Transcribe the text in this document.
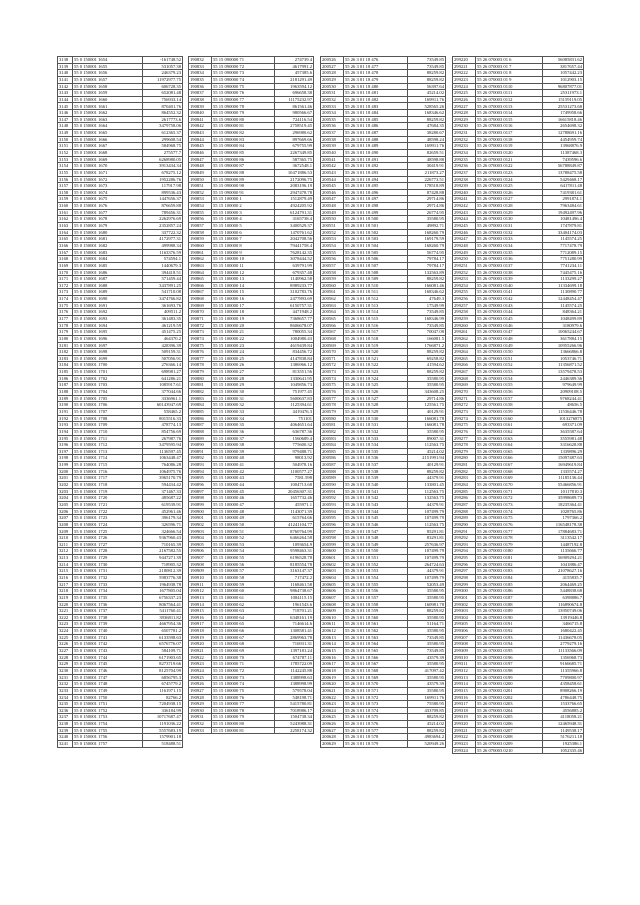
3138	55 0 150001 1654	-161748.52
3139	55 0 150001 1655	531057.38
3140	55 0 150001 1656	246379.23
3141	55 0 150001 1657	11972977.75
3142	55 0 150001 1658	606728.35
3143	55 0 150001 1659	652081.48
3144	55 0 150001 1660	756933.14
3145	55 0 150001 1661	870401.76
3146	55 0 150001 1662	864552.32
3147	55 0 150001 1663	2617773.6
3148	55 0 150001 1664	3479758.06
3149	55 0 150001 1665	612365.37
3150	55 0 150001 1666	299608.54
3151	55 0 150001 1667	584968.75
3152	55 0 150001 1668	275577.7
3153	55 0 150001 1669	6268980.05
3154	55 0 150001 1670	3913434.34
3155	55 0 150001 1671	678275.12
3156	55 0 150001 1672	1952286.76
3157	55 0 150001 1673	117917.98
3158	55 0 150001 1674	899536.43
3159	55 0 150001 1675	1447656.37
3160	55 0 150001 1676	876659.88
3161	55 0 150001 1677	789456.31
3162	55 0 150001 1678	2262976.69
3163	55 0 150001 1679	2352857.24
3164	55 0 150001 1680	337722.32
3165	55 0 150001 1681	4172977.31
3166	55 0 150001 1682	499988.34
3167	55 0 150001 1683	1163376.59
3168	55 0 150001 1684	574594.1
3169	55 0 150001 1685	1440679.3
3170	55 0 150001 1686	394418.51
3171	55 0 150001 1687	571459.44
3172	55 0 150001 1688	3437891.25
3173	55 0 150001 1689	541710.08
3174	55 0 150001 1690	3474766.82
3175	55 0 150001 1691	361693.76
3176	55 0 150001 1692	409511.2
3177	55 0 150001 1693	361483.35
3178	55 0 150001 1694	461219.59
3179	55 0 150001 1695	451475.25
3180	55 0 150001 1696	464370.2
3181	55 0 150001 1697	428396.39
3182	55 0 150001 1698	509159.31
3183	55 0 150001 1699	507056.91
3184	55 0 150001 1700	276366.14
3185	55 0 150001 1701	698981.27
3186	55 0 150001 1702	641286.21
3187	55 0 150001 1703	1085917.61
3188	55 0 150001 1704	377044.66
3189	55 0 150001 1705	3336961.1
3190	55 0 150001 1706	60143947.69
3191	55 0 150001 1707	558465.2
3192	55 0 150001 1708	8015516.33
3193	55 0 150001 1709	478774.13
3194	55 0 150001 1710	854756.69
3195	55 0 150001 1711	267987.76
3196	55 0 150001 1712	3479595.94
3197	55 0 150001 1713	1136597.45
3198	55 0 150001 1714	1063448.47
3199	55 0 150001 1715	764086.28
3200	55 0 150001 1716	1064975.76
3201	55 0 150001 1717	3965170.79
3202	55 0 150001 1718	594434.42
3203	55 0 150001 1719	371467.33
3204	55 0 150001 1720	485687.22
3205	55 0 150001 1721	619539.91
3206	55 0 150001 1722	452961.46
3207	55 0 150001 1723	396179.34
3208	55 0 150001 1724	326596.71
3209	55 0 150001 1725	324666.54
3210	55 0 150001 1726	9367960.43
3211	55 0 150001 1727	710165.39
3212	55 0 150001 1728	2167582.55
3213	55 0 150001 1729	9447271.39
3214	55 0 150001 1730	718905.32
3215	55 0 150001 1731	2180812.39
3216	55 0 150001 1732	5983776.38
3217	55 0 150001 1733	1964938.78
3218	55 0 150001 1734	1677805.04
3219	55 0 150001 1735	6756337.23
3220	55 0 150001 1736	8067564.41
3221	55 0 150001 1737	5411760.41
3222	55 0 150001 1738	3936811.82
3223	55 0 150001 1739	4667954.36
3224	55 0 150001 1740	6507781.2
3225	55 0 150001 1741	6133598.63
3226	55 0 150001 1742	6576776.07
3227	55 0 150001 1743	584109.71
3228	55 0 150001 1744	6171903.65
3229	55 0 150001 1745	8273719.66
3230	55 0 150001 1746	8125704.99
3231	55 0 150001 1747	6856795.3
3232	55 0 150001 1748	6745779.2
3233	55 0 150001 1749	1161971.15
3234	55 0 150001 1750	82766.2
3235	55 0 150001 1751	7204938.15
3236	55 0 150001 1752	336184.99
3237	55 0 150001 1753	10717687.47
3238	55 0 150001 1754	1191036.22
3239	55 0 150001 1755	5557683.19
3240	55 0 150001 1756	1579901.18
3241	55 0 150001 1757	518488.51
190832	55 15 090000 71	274739.4
190833	55 15 090000 72	4617991.2
190834	55 15 090000 73	457385.6
190835	55 15 090000 74	2181291.49
190836	55 15 090000 75	1963594.12
190837	55 15 090000 76	696658.38
190838	55 15 090000 77	11175232.97
190839	55 15 090000 78	861561.46
190840	55 15 090000 79	980566.67
190841	55 15 090000 80	724116.54
190842	55 15 090000 81	2758519.45
190843	55 15 090000 82	296980.62
190844	55 15 090000 83	897669.66
190845	55 15 090000 84	679755.99
190846	55 15 090000 85	2267349.85
190847	55 15 090000 86	587365.75
190848	55 15 090000 87	3672548.1
190849	55 15 090000 88	10471886.53
190850	55 15 090000 89	2172096.75
190851	55 15 090000 90	2083196.19
190852	55 15 090000 91	2947478.78
190853	55 15 100000 1	1512879.49
190854	55 15 100000 2	4924205.92
190855	55 15 100000 3	6124791.31
190856	55 15 100000 4	3165738.4
190857	55 15 100000 5	3400529.37
190858	55 15 100000 6	1470761.62
190859	55 15 100000 7	2042708.56
190860	55 15 100000 8	79441758.4
190861	55 15 100000 9	7628142.35
190862	55 15 100000 10	3078444.52
190863	55 15 100000 11	639791.99
190864	55 15 100000 12	679357.48
190865	55 15 100000 13	1140962.58
190866	55 15 100000 14	8989233.77
190867	55 15 100000 15	3102783.76
190868	55 15 100000 16	2477893.69
190869	55 15 100000 17	6150757.31
190870	55 15 100000 18	4471948.2
190871	55 15 100000 19	7368657.77
190872	55 15 100000 20	8606678.07
190873	55 15 100000 21	780055.34
190874	55 15 100000 22	1004980.43
190875	55 15 100000 23	4619439.84
190876	55 15 100000 24	834456.72
190877	55 15 100000 25	4147838.84
190878	55 15 100000 26	1386966.12
190879	55 15 100000 27	813551.56
190880	55 15 100000 28	1330641.95
190881	55 15 100000 29	1049856.73
190882	55 15 100000 30	751977.45
190883	55 15 100000 31	5600637.83
190884	55 15 100000 32	1125394.61
190885	55 15 100000 33	4419476.3
190886	55 15 100000 34	751101
190887	55 15 100000 35	4064651.64
190888	55 15 100000 36	636787.36
190889	55 15 100000 37	1560689.4
190890	55 15 100000 38	775600.32
190891	55 15 100000 39	979488.71
190892	55 15 100000 40	98013.92
190893	55 15 100000 41	504978.16
190894	55 15 100000 42	1100577.27
190895	55 15 100000 43	7581.598
190896	55 15 100000 44	1004713.68
190897	55 15 100000 45	20456307.31
190898	55 15 100000 46	1657732.46
190899	55 15 100000 47	455971.1
190900	55 15 100000 48	1143071.39
190901	55 15 100000 49	615764.66
190902	55 15 100000 50	41241104.77
190903	55 15 100000 51	8760764.99
190904	55 15 100000 52	6466264.58
190905	55 15 100000 53	1093654.9
190906	55 15 100000 54	9598463.31
190907	55 15 100000 55	6196528.78
190908	55 15 100000 56	8185554.78
190909	55 15 100000 57	3163147.37
190910	55 15 100000 58	717472.2
190911	55 15 100000 59	1168461.58
190912	55 15 100000 60	9864738.67
190913	55 15 100000 61	1084115.15
190914	55 15 100000 62	1961543.6
190915	55 15 100000 63	718701.21
190916	55 15 100000 64	6348161.19
190917	55 15 100000 65	7146614.6
190918	55 15 100000 66	1308581.41
190919	55 15 100000 67	2869963.78
190920	55 15 100000 68	716931.31
190921	55 15 100000 69	1397181.24
190922	55 15 100000 70	674787.11
190923	55 15 100000 71	1785722.09
190924	55 15 100000 72	1142245.88
190925	55 15 100000 73	1388998.63
190926	55 15 100000 74	1388998.99
190927	55 15 100000 75	579578.04
190928	55 15 100000 76	548198.71
190929	55 15 100000 77	5415780.81
190930	55 15 100000 78	7018986.17
190931	55 15 100000 79	1504738.34
190932	55 15 100000 80	5243988.31
190933	55 15 100000 81	2258174.32
200526	55 26 3 01 18 476	73549.85
200527	55 26 3 01 18 477	73549.85
200528	55 26 3 01 18 478	88259.82
200529	55 26 3 01 18 479	88259.82
200530	55 26 3 01 18 480	56397.64
200531	55 26 3 01 18 481	45214.02
200532	55 26 3 01 18 482	169911.76
200533	55 26 3 01 18 483	528565.26
200534	55 26 3 01 18 484	168346.62
200535	55 26 3 01 18 485	88259.82
200536	55 26 3 01 18 486	47684.35
200537	55 26 3 01 18 487	38280.67
200538	55 26 3 01 18 488	48598.24
200539	55 26 3 01 18 489	169911.76
200540	55 26 3 01 18 490	82659.51
200541	55 26 3 01 18 491	48598.88
200542	55 26 3 01 18 492	30419.91
200543	55 26 3 01 18 493	211873.27
200544	55 26 3 01 18 494	226773.51
200545	55 26 3 01 18 495	178518.89
200546	55 26 3 01 18 496	87428.88
200547	55 26 3 01 18 497	29714.86
200548	55 26 3 01 18 498	29714.86
200549	55 26 3 01 18 499	26774.95
200550	55 26 3 01 18 500	35580.95
200551	55 26 3 01 18 501	49892.71
200552	55 26 3 01 18 502	168260.79
200553	55 26 3 01 18 503	169179.59
200554	55 26 3 01 18 504	168260.79
200555	55 26 3 01 18 505	56774.95
200556	55 26 3 01 18 506	79784.17
200557	55 26 3 01 18 507	79784.17
200558	55 26 3 01 18 508	132563.89
200559	55 26 3 01 18 509	88259.82
200560	55 26 3 01 18 510	166081.46
200561	55 26 3 01 18 511	168346.62
200562	55 26 3 01 18 512	47649.3
200563	55 26 3 01 18 513	17549.99
200564	55 26 3 01 18 514	73549.85
200565	55 26 3 01 18 515	168346.99
200566	55 26 3 01 18 516	73549.85
200567	55 26 3 01 18 517	70047.08
200568	55 26 3 01 18 518	166081.5
200569	55 26 3 01 18 519	1766871.2
200570	55 26 3 01 18 520	88259.82
200571	55 26 3 01 18 521	69258.82
200572	55 26 3 01 18 522	41594.62
200573	55 26 3 01 18 523	88259.82
200574	55 26 3 01 18 524	35580.95
200575	55 26 3 01 18 525	35580.95
200576	55 26 3 01 18 526	343608.25
200577	55 26 3 01 18 527	29714.86
200578	55 26 3 01 18 528	125561.75
200579	55 26 3 01 18 529	40129.91
200580	55 26 3 01 18 530	166081.78
200581	55 26 3 01 18 531	166081.78
200582	55 26 3 01 18 532	35580.95
200583	55 26 3 01 18 533	89007.31
200584	55 26 3 01 18 534	112563.75
200585	55 26 3 01 18 535	45214.02
200586	55 26 3 01 18 536	2151991.94
200587	55 26 3 01 18 537	40129.91
200588	55 26 3 01 18 538	88259.82
200589	55 26 3 01 18 539	44379.91
200590	55 26 3 01 18 540	133801.45
200591	55 26 3 01 18 541	112563.75
200592	55 26 3 01 18 542	132563.75
200593	55 26 3 01 18 543	44379.91
200594	55 26 3 01 18 544	107499.79
200595	55 26 3 01 18 545	107499.79
200596	55 26 3 01 18 546	112563.75
200597	55 26 3 01 18 547	85291.81
200598	55 26 3 01 18 548	83291.81
200599	55 26 3 01 18 549	257636.97
200600	55 26 3 01 18 550	107499.79
200601	55 26 3 01 18 551	107499.79
200602	55 26 3 01 18 552	264724.63
200603	55 26 3 01 18 553	44379.91
200604	55 26 3 01 18 554	107499.79
200605	55 26 3 01 18 555	52053.49
200606	55 26 3 01 18 556	35580.95
200607	55 26 3 01 18 557	35580.95
200608	55 26 3 01 18 558	160981.78
200609	55 26 3 01 18 559	88259.82
200610	55 26 3 01 18 560	35580.95
200611	55 26 3 01 18 561	51164.71
200612	55 26 3 01 18 562	35580.95
200613	55 26 3 01 18 563	73549.85
200614	55 26 3 01 18 564	35580.95
200615	55 26 3 01 18 565	73549.85
200616	55 26 3 01 18 566	43579.39
200617	55 26 3 01 18 567	35580.95
200618	55 26 3 01 18 568	417097.42
200619	55 26 3 01 18 569	35580.95
200620	55 26 3 01 18 570	43579.39
200621	55 26 3 01 18 571	35580.95
200622	55 26 3 01 18 572	169911.76
200623	55 26 3 01 18 573	75580.95
200624	55 26 3 01 18 574	433709.85
200625	55 26 3 01 18 575	88259.82
200626	55 26 3 01 18 576	45214.02
200627	55 26 3 01 18 577	88259.82
200628	55 26 3 01 18 578	4983694.2
200629	55 26 3 01 18 579	520949.26
299220	55 26 070003 01 6	56085831.62
299221	55 26 070003 01 7	3817657.44
299222	55 26 070003 01 8	1057442.23
299223	55 26 070003 01 9	1012903.15
299224	55 26 070003 0110	96807877.01
299225	55 26 070003 0111	25311973.1
299226	55 26 070003 0112	15159119.05
299227	55 26 070003 0113	25531273.68
299228	55 26 070003 0114	1749958.66
299229	55 26 070003 0115	16615818.46
299230	55 26 070003 0116	2654698.32
299231	55 26 070003 0117	12788691.16
299232	55 26 070003 0118	4454959.74
299233	55 26 070003 0119	13968876.9
299234	55 26 070003 0120	11387468.3
299235	55 26 070003 0121	7439596.6
299236	55 26 070003 0122	56788849.87
299237	55 26 070003 0123	13788475.58
299238	55 26 070003 0124	5429468.17
299239	55 26 070003 0125	6417811.48
299240	55 26 070003 0126	7419381.61
299241	55 26 070003 0127	2991874.1
299242	55 26 070003 0128	7963484.61
299243	55 26 070003 0129	19492497.96
299244	55 26 070003 0130	10481496.4
299245	55 26 070003 0131	1747879.81
299246	55 26 070003 0132	33404174.03
299247	55 26 070003 0133	1145574.25
299248	55 26 070003 0134	7717478.79
299249	55 26 070003 0135	7712089.15
299250	55 26 070003 0136	7751280.99
299251	55 26 070003 0137	7741234.11
299252	55 26 070003 0138	7445475.16
299253	55 26 070003 0139	1133299.27
299254	55 26 070003 0140	11334699.18
299255	55 26 070003 0141	1130890.77
299256	55 26 070003 0142	12448454.47
299257	55 26 070003 0143	1145574.25
299258	55 26 070003 0144	848364.21
299259	55 26 070003 0145	1048499.89
299260	55 26 070003 0146	3180979.6
299261	55 26 070003 0147	10065244.67
299262	55 26 070003 0148	3617884.15
299263	55 26 070003 0149	10955266.96
299264	55 26 070003 0150	13666866.8
299265	55 26 070003 0151	1053746.71
299266	55 26 070003 0152	11356871.52
299267	55 26 070003 0153	13579478.53
299268	55 26 070003 0154	2446389.36
299269	55 26 070003 0155	979649.99
299270	55 26 070003 0156	20909108.5
299271	55 26 070003 0157	9768244.41
299272	55 26 070003 0158	48656.5
299273	55 26 070003 0159	11536446.78
299274	55 26 070003 0160	1013276875
299275	55 26 070003 0161	693371.09
299276	55 26 070003 0162	3635587.64
299277	55 26 070003 0163	3555981.48
299278	55 26 070003 0164	3316628.88
299279	55 26 070003 0165	1339896.29
299280	55 26 070003 0166	15097487.63
299281	55 26 070003 0167	16949619.84
299282	55 26 070003 0168	1335574.27
299283	55 26 070003 0169	11185136.44
299284	55 26 070003 0170	55466856.91
299285	55 26 070003 0171	10117810.3
299286	55 26 070003 0172	35998689.73
299287	55 26 070003 0173	18235364.41
299288	55 26 070003 0174	1028765.86
299289	55 26 070003 0175	1797366.2
299290	55 26 070003 0176	116548178.38
299291	55 26 070003 0177	17884683.71
299292	55 26 070003 0178	3113542.17
299293	55 26 070003 0179	14487192.8
299294	55 26 070003 0180	1135666.77
299295	55 26 070003 0181	56909294.21
299296	55 26 070003 0182	1041886.47
299297	55 26 070003 0183	21078627.16
299298	55 26 070003 0184	4155835.7
299299	55 26 070003 0185	2064469.25
299300	55 26 070003 0186	5448838.68
299301	55 26 070003 0187	6398886.7
299302	55 26 070003 0188	116890674.8
299303	55 26 070003 0189	13950749.06
299304	55 26 070003 0190	13919446.8
299305	55 26 070003 0191	3466715.8
299306	55 26 070003 0192	1680422.45
299307	55 26 070003 0193	11436678.05
299308	55 26 070003 0194	2779279.16
299309	55 26 070003 0195	11133566.09
299310	55 26 070003 0196	1356968.73
299311	55 26 070003 0197	9166685.71
299312	55 26 070003 0198	11355966.8
299313	55 26 070003 0199	7709800.97
299314	55 26 070003 0200	4358458.61
299315	55 26 070003 0201	8908266.19
299316	55 26 070003 0202	4786448.75
299317	55 26 070003 0203	1533766.65
299318	55 26 070003 0204	4556885.2
299319	55 26 070003 0205	4118058.21
299320	55 26 070003 0206	12465948.31
299321	55 26 070003 0207	1149538.17
299322	55 26 070003 0208	5176211.18
299323	55 26 070003 0209	1925386.1
299324	55 26 070003 0210	1052335.46
